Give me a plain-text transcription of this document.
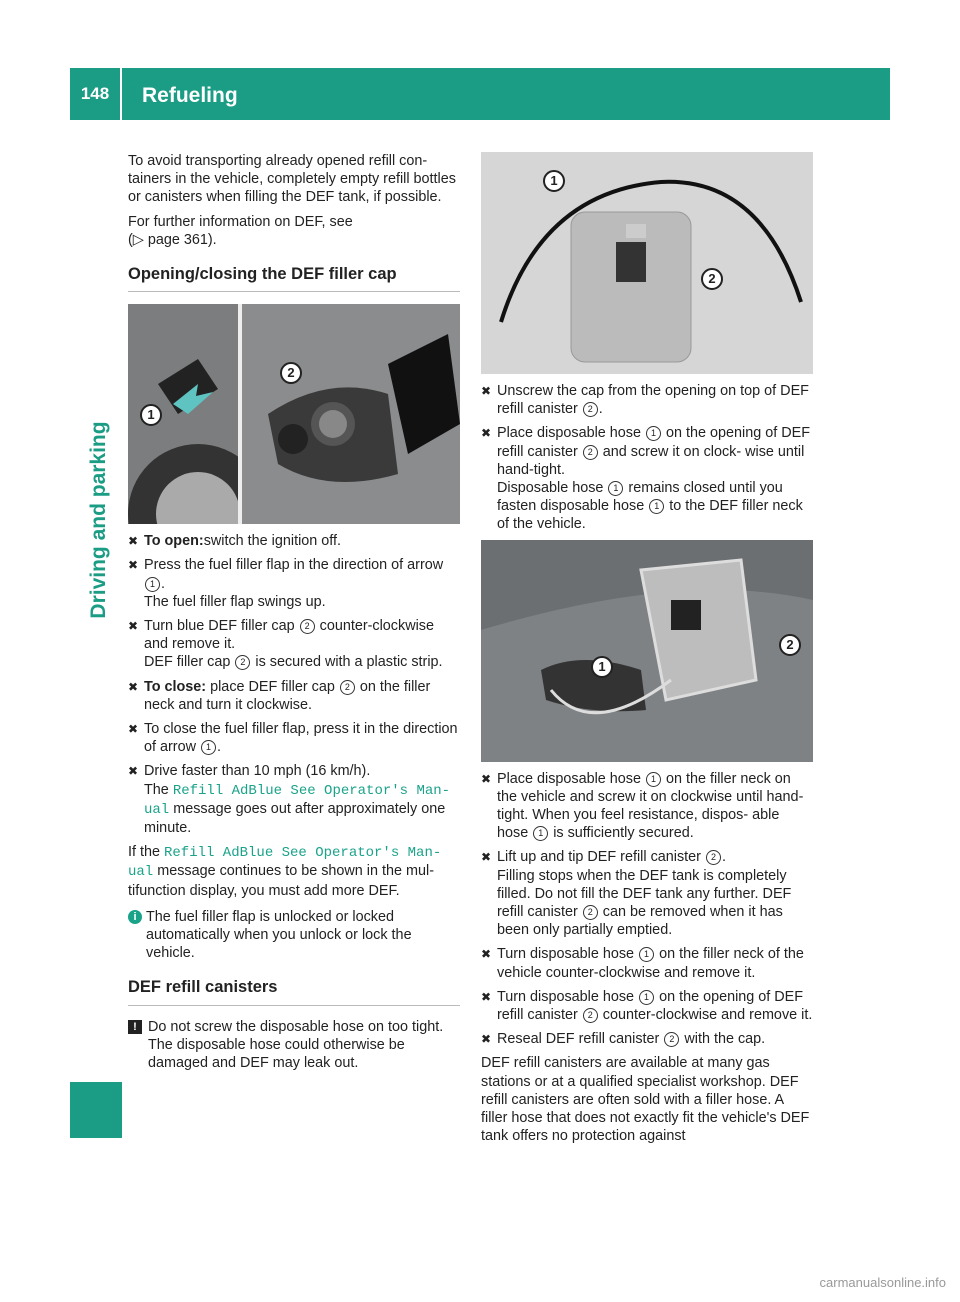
148	Refueling
Driving and parking

To avoid transporting already opened refill con- tainers in the vehicle, completely empty refill bottles or canisters when filling the DEF tank, if possible.

For further information on DEF, see
(▷ page 361).

Opening/closing the DEF filler cap
1
2
✖ To open:switch the ignition off.
✖ Press the fuel filler flap in the direction of arrow 1 .
The fuel filler flap swings up.
✖ Turn blue DEF filler cap 2 counter-clockwise and remove it.
DEF filler cap 2 is secured with a plastic strip.
✖ To close: place DEF filler cap 2 on the filler neck and turn it clockwise.
✖ To close the fuel filler flap, press it in the direction of arrow 1 .
✖ Drive faster than 10 mph (16 km/h).
The Refill AdBlue See Operator's Man- ual message goes out after approximately one minute.

If the Refill AdBlue See Operator's Man- ual message continues to be shown in the mul- tifunction display, you must add more DEF.

i The fuel filler flap is unlocked or locked automatically when you unlock or lock the vehicle.
DEF refill canisters
! Do not screw the disposable hose on too tight. The disposable hose could otherwise be damaged and DEF may leak out.
1
2
✖ Unscrew the cap from the opening on top of DEF refill canister 2 .
✖ Place disposable hose 1 on the opening of DEF refill canister 2 and screw it on clock- wise until hand-tight.
Disposable hose 1 remains closed until you fasten disposable hose 1 to the DEF filler neck of the vehicle.
1
2
✖ Place disposable hose 1 on the filler neck on the vehicle and screw it on clockwise until hand-tight. When you feel resistance, dispos- able hose 1 is sufficiently secured.
✖ Lift up and tip DEF refill canister 2 .
Filling stops when the DEF tank is completely filled. Do not fill the DEF tank any further. DEF refill canister 2 can be removed when it has been only partially emptied.
✖ Turn disposable hose 1 on the filler neck of the vehicle counter-clockwise and remove it.
✖ Turn disposable hose 1 on the opening of DEF refill canister 2 counter-clockwise and remove it.
✖ Reseal DEF refill canister 2 with the cap.

DEF refill canisters are available at many gas stations or at a qualified specialist workshop. DEF refill canisters are often sold with a filler hose. A filler hose that does not exactly fit the vehicle's DEF tank offers no protection against

carmanualsonline.info
